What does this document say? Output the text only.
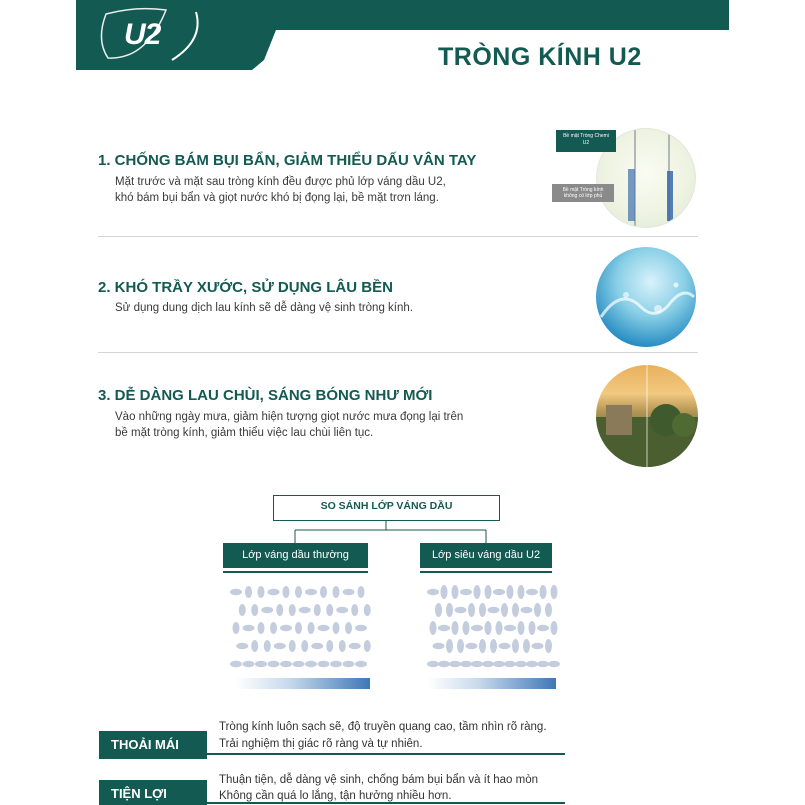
U2
TRÒNG KÍNH U2
1. CHỐNG BÁM BỤI BẨN, GIẢM THIỂU DẤU VÂN TAY
Mặt trước và mặt sau tròng kính đều được phủ lớp váng dầu U2,
khó bám bụi bẩn và giọt nước khó bị đọng lại, bề mặt trơn láng.
Bề mặt Tròng Chemi U2
Bề mặt Tròng kính không có lớp phủ
2. KHÓ TRẦY XƯỚC, SỬ DỤNG LÂU BỀN
Sử dụng dung dịch lau kính sẽ dễ dàng vệ sinh tròng kính.
3. DỄ DÀNG LAU CHÙI, SÁNG BÓNG NHƯ MỚI
Vào những ngày mưa, giảm hiện tượng giọt nước mưa đọng lại trên
bề mặt tròng kính, giảm thiểu việc lau chùi liên tục.
SO SÁNH LỚP VÁNG DẦU
Lớp váng dầu thường	Lớp siêu váng dầu U2
THOẢI MÁI
Tròng kính luôn sạch sẽ, độ truyền quang cao, tầm nhìn rõ ràng.
Trải nghiệm thị giác rõ ràng và tự nhiên.
TIỆN LỢI
Thuận tiện, dễ dàng vệ sinh, chống bám bụi bẩn và ít hao mòn
Không cần quá lo lắng, tận hưởng nhiều hơn.
